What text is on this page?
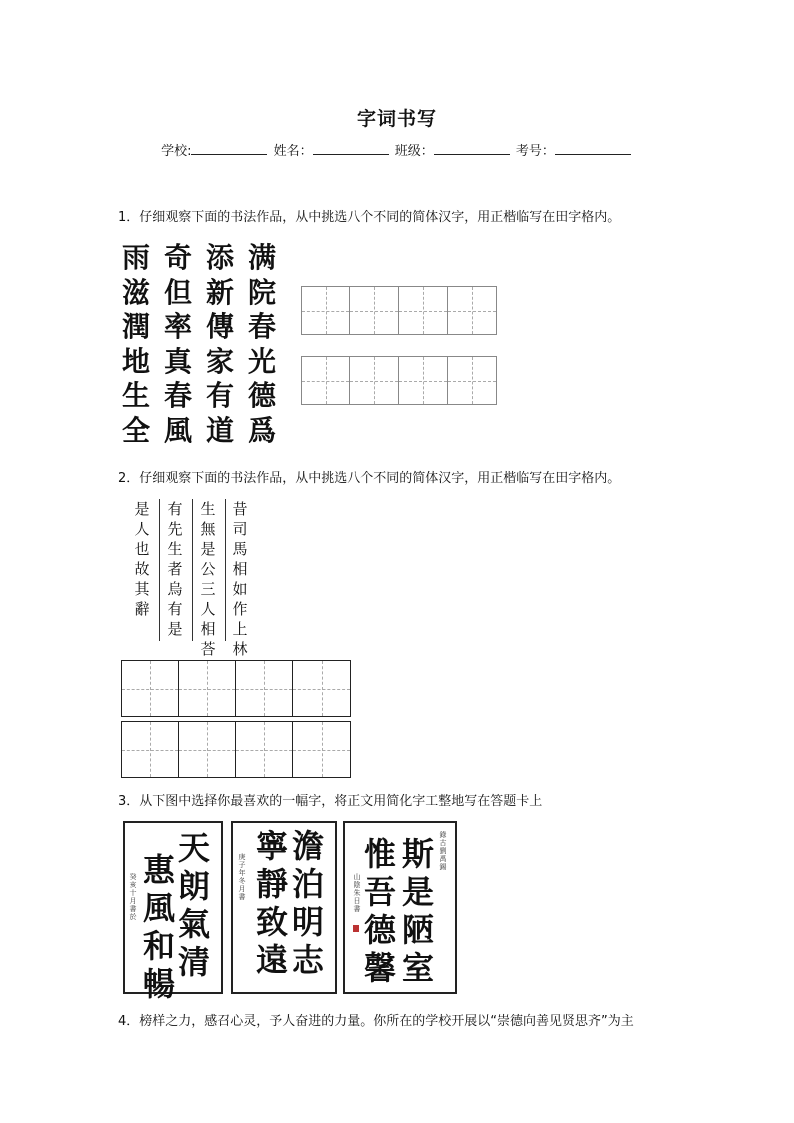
字词书写
学校:	姓名：	班级：	考号：
1．仔细观察下面的书法作品，从中挑选八个不同的简体汉字，用正楷临写在田字格内。
雨 奇 添 满
滋 但 新 院
潤 率 傳 春
地 真 家 光
生 春 有 德
全 風 道 爲
2．仔细观察下面的书法作品，从中挑选八个不同的简体汉字，用正楷临写在田字格内。
昔
司
馬
相
如
作
上
林
生
無
是
公
三
人
相
荅
有
先
生
者
烏
有
是
是
人
也
故
其
辭
3．从下图中选择你最喜欢的一幅字，将正文用简化字工整地写在答题卡上
天
朗
氣
清
惠
風
和
暢
癸
亥
十
月
書
於
澹
泊
明
志
寧
靜
致
遠
庚
子
年
冬
月
書
斯
是
陋
室
惟
吾
德
馨
錄
古
劉
禹
錫
山
陰
朱
日
書
4．榜样之力，感召心灵，予人奋进的力量。你所在的学校开展以“崇德向善见贤思齐”为主
